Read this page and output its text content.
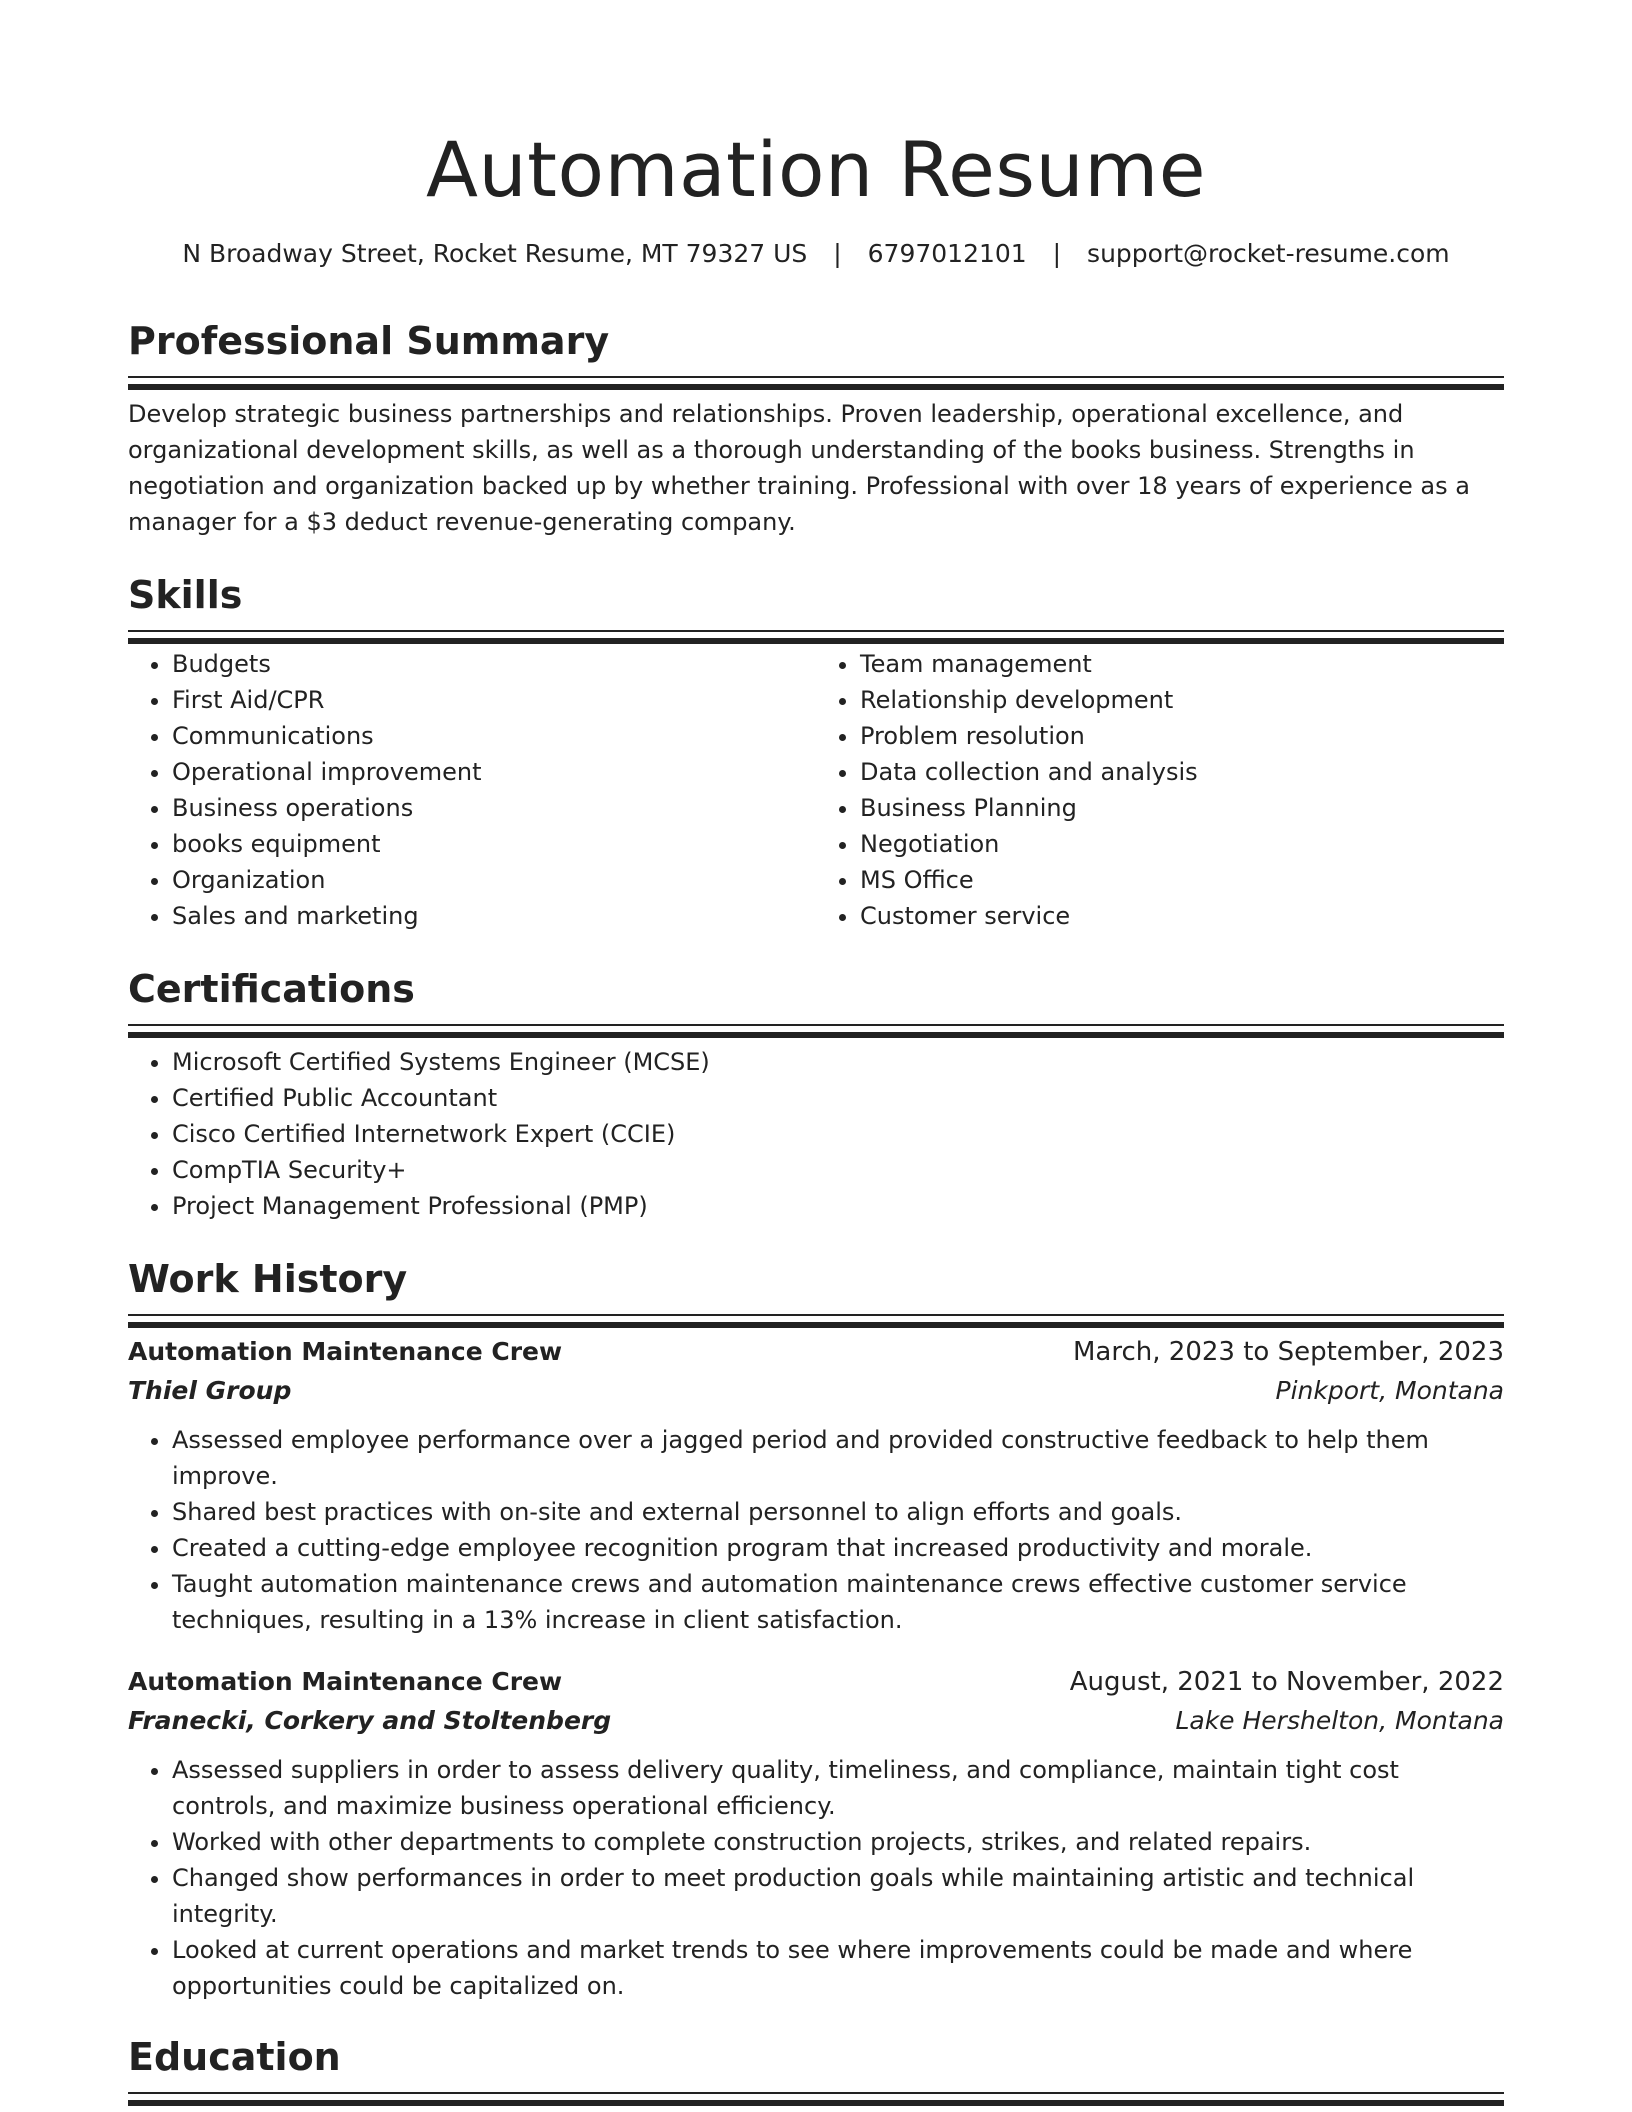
Automation Resume
N Broadway Street, Rocket Resume, MT 79327 US | 6797012101 | support@rocket-resume.com
Professional Summary
Develop strategic business partnerships and relationships. Proven leadership, operational excellence, and organizational development skills, as well as a thorough understanding of the books business. Strengths in negotiation and organization backed up by whether training. Professional with over 18 years of experience as a manager for a $3 deduct revenue-generating company.
Skills
• Budgets
• First Aid/CPR
• Communications
• Operational improvement
• Business operations
• books equipment
• Organization
• Sales and marketing
• Team management
• Relationship development
• Problem resolution
• Data collection and analysis
• Business Planning
• Negotiation
• MS Office
• Customer service
Certifications
• Microsoft Certified Systems Engineer (MCSE)
• Certified Public Accountant
• Cisco Certified Internetwork Expert (CCIE)
• CompTIA Security+
• Project Management Professional (PMP)
Work History
Automation Maintenance Crew	March, 2023 to September, 2023
Thiel Group	Pinkport, Montana
• Assessed employee performance over a jagged period and provided constructive feedback to help them improve.
• Shared best practices with on-site and external personnel to align efforts and goals.
• Created a cutting-edge employee recognition program that increased productivity and morale.
• Taught automation maintenance crews and automation maintenance crews effective customer service techniques, resulting in a 13% increase in client satisfaction.
Automation Maintenance Crew	August, 2021 to November, 2022
Franecki, Corkery and Stoltenberg	Lake Hershelton, Montana
• Assessed suppliers in order to assess delivery quality, timeliness, and compliance, maintain tight cost controls, and maximize business operational efficiency.
• Worked with other departments to complete construction projects, strikes, and related repairs.
• Changed show performances in order to meet production goals while maintaining artistic and technical integrity.
• Looked at current operations and market trends to see where improvements could be made and where opportunities could be capitalized on.
Education
